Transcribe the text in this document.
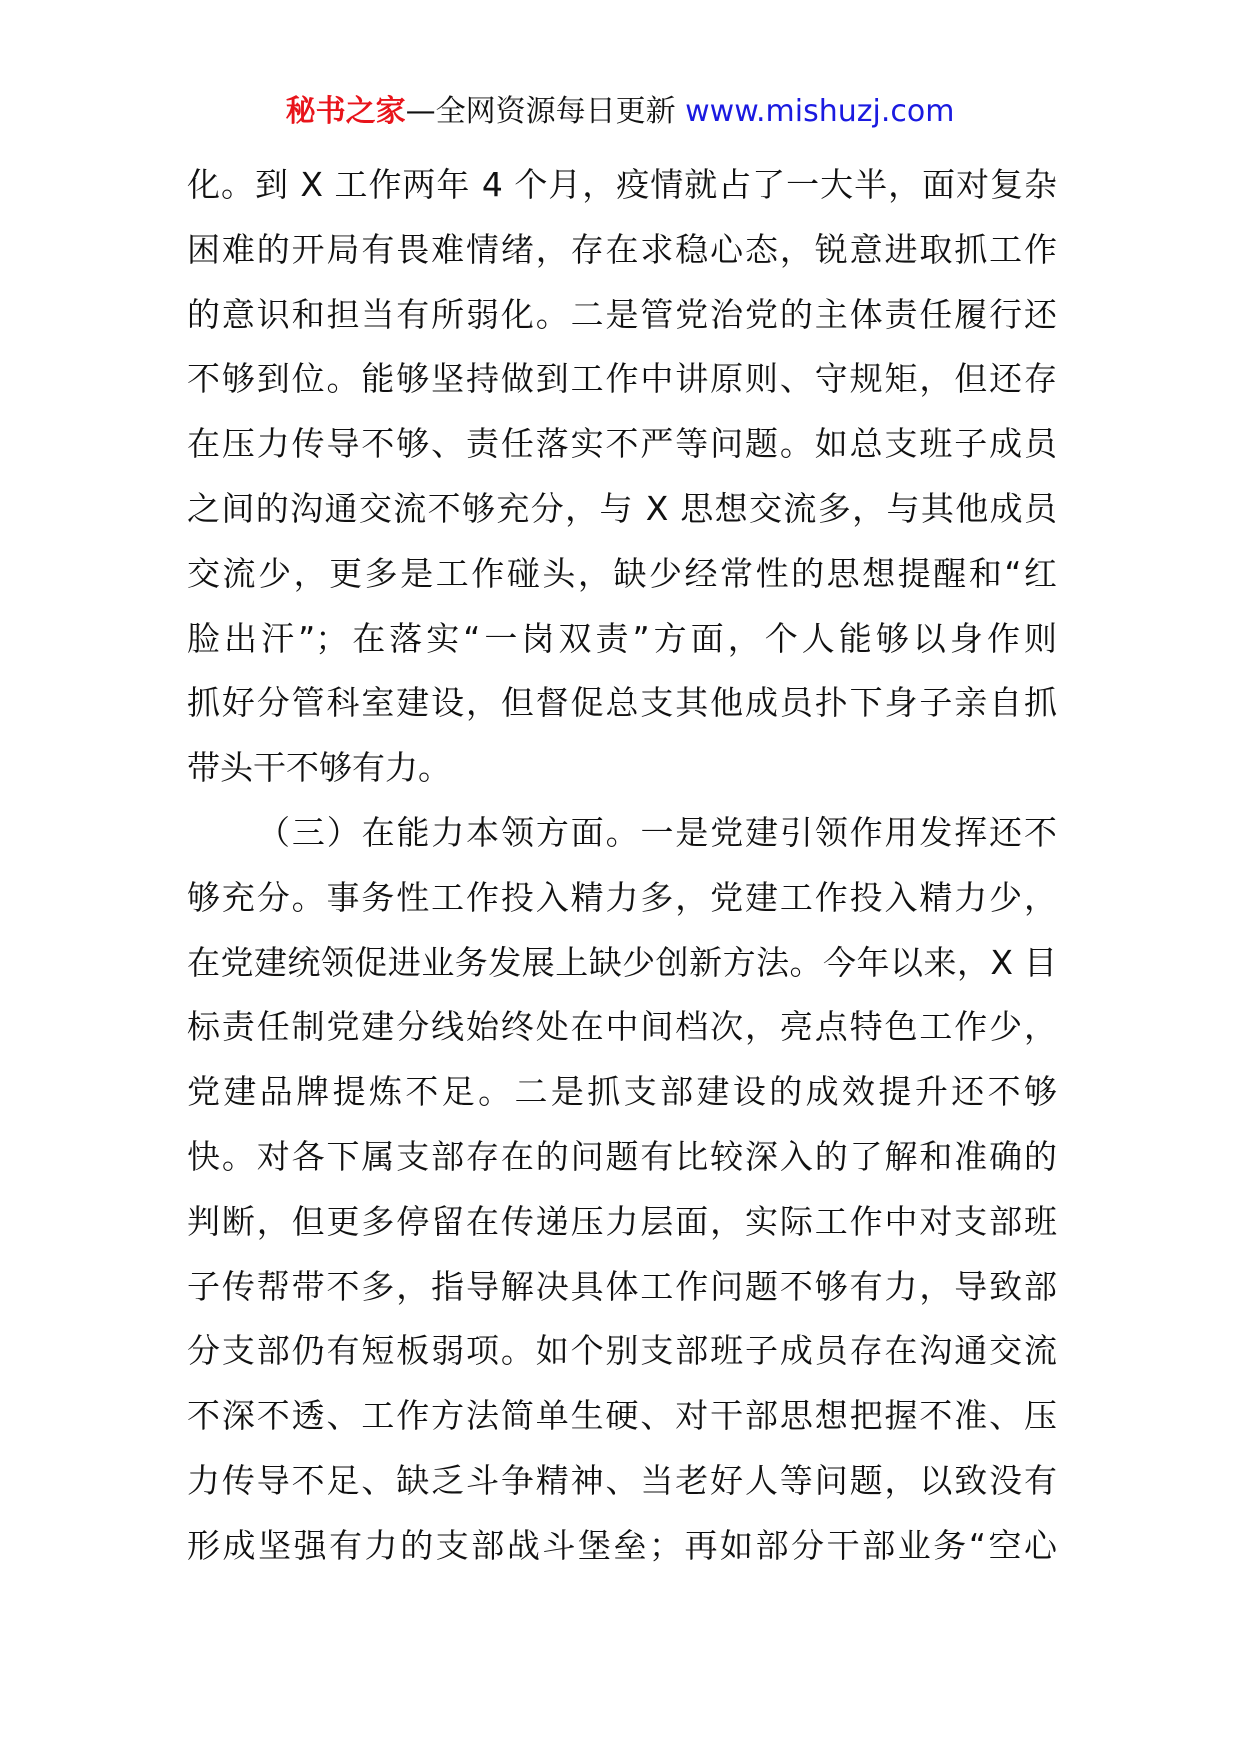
秘书之家—全网资源每日更新 www.mishuzj.com
化。到 X 工作两年 4 个月，疫情就占了一大半，面对复杂
困难的开局有畏难情绪，存在求稳心态，锐意进取抓工作
的意识和担当有所弱化。二是管党治党的主体责任履行还
不够到位。能够坚持做到工作中讲原则、守规矩，但还存
在压力传导不够、责任落实不严等问题。如总支班子成员
之间的沟通交流不够充分，与 X 思想交流多，与其他成员
交流少，更多是工作碰头，缺少经常性的思想提醒和“红
脸出汗”；在落实“一岗双责”方面，个人能够以身作则
抓好分管科室建设，但督促总支其他成员扑下身子亲自抓
带头干不够有力。
（三）在能力本领方面。一是党建引领作用发挥还不
够充分。事务性工作投入精力多，党建工作投入精力少，
在党建统领促进业务发展上缺少创新方法。今年以来，X 目
标责任制党建分线始终处在中间档次，亮点特色工作少，
党建品牌提炼不足。二是抓支部建设的成效提升还不够
快。对各下属支部存在的问题有比较深入的了解和准确的
判断，但更多停留在传递压力层面，实际工作中对支部班
子传帮带不多，指导解决具体工作问题不够有力，导致部
分支部仍有短板弱项。如个别支部班子成员存在沟通交流
不深不透、工作方法简单生硬、对干部思想把握不准、压
力传导不足、缺乏斗争精神、当老好人等问题，以致没有
形成坚强有力的支部战斗堡垒；再如部分干部业务“空心
